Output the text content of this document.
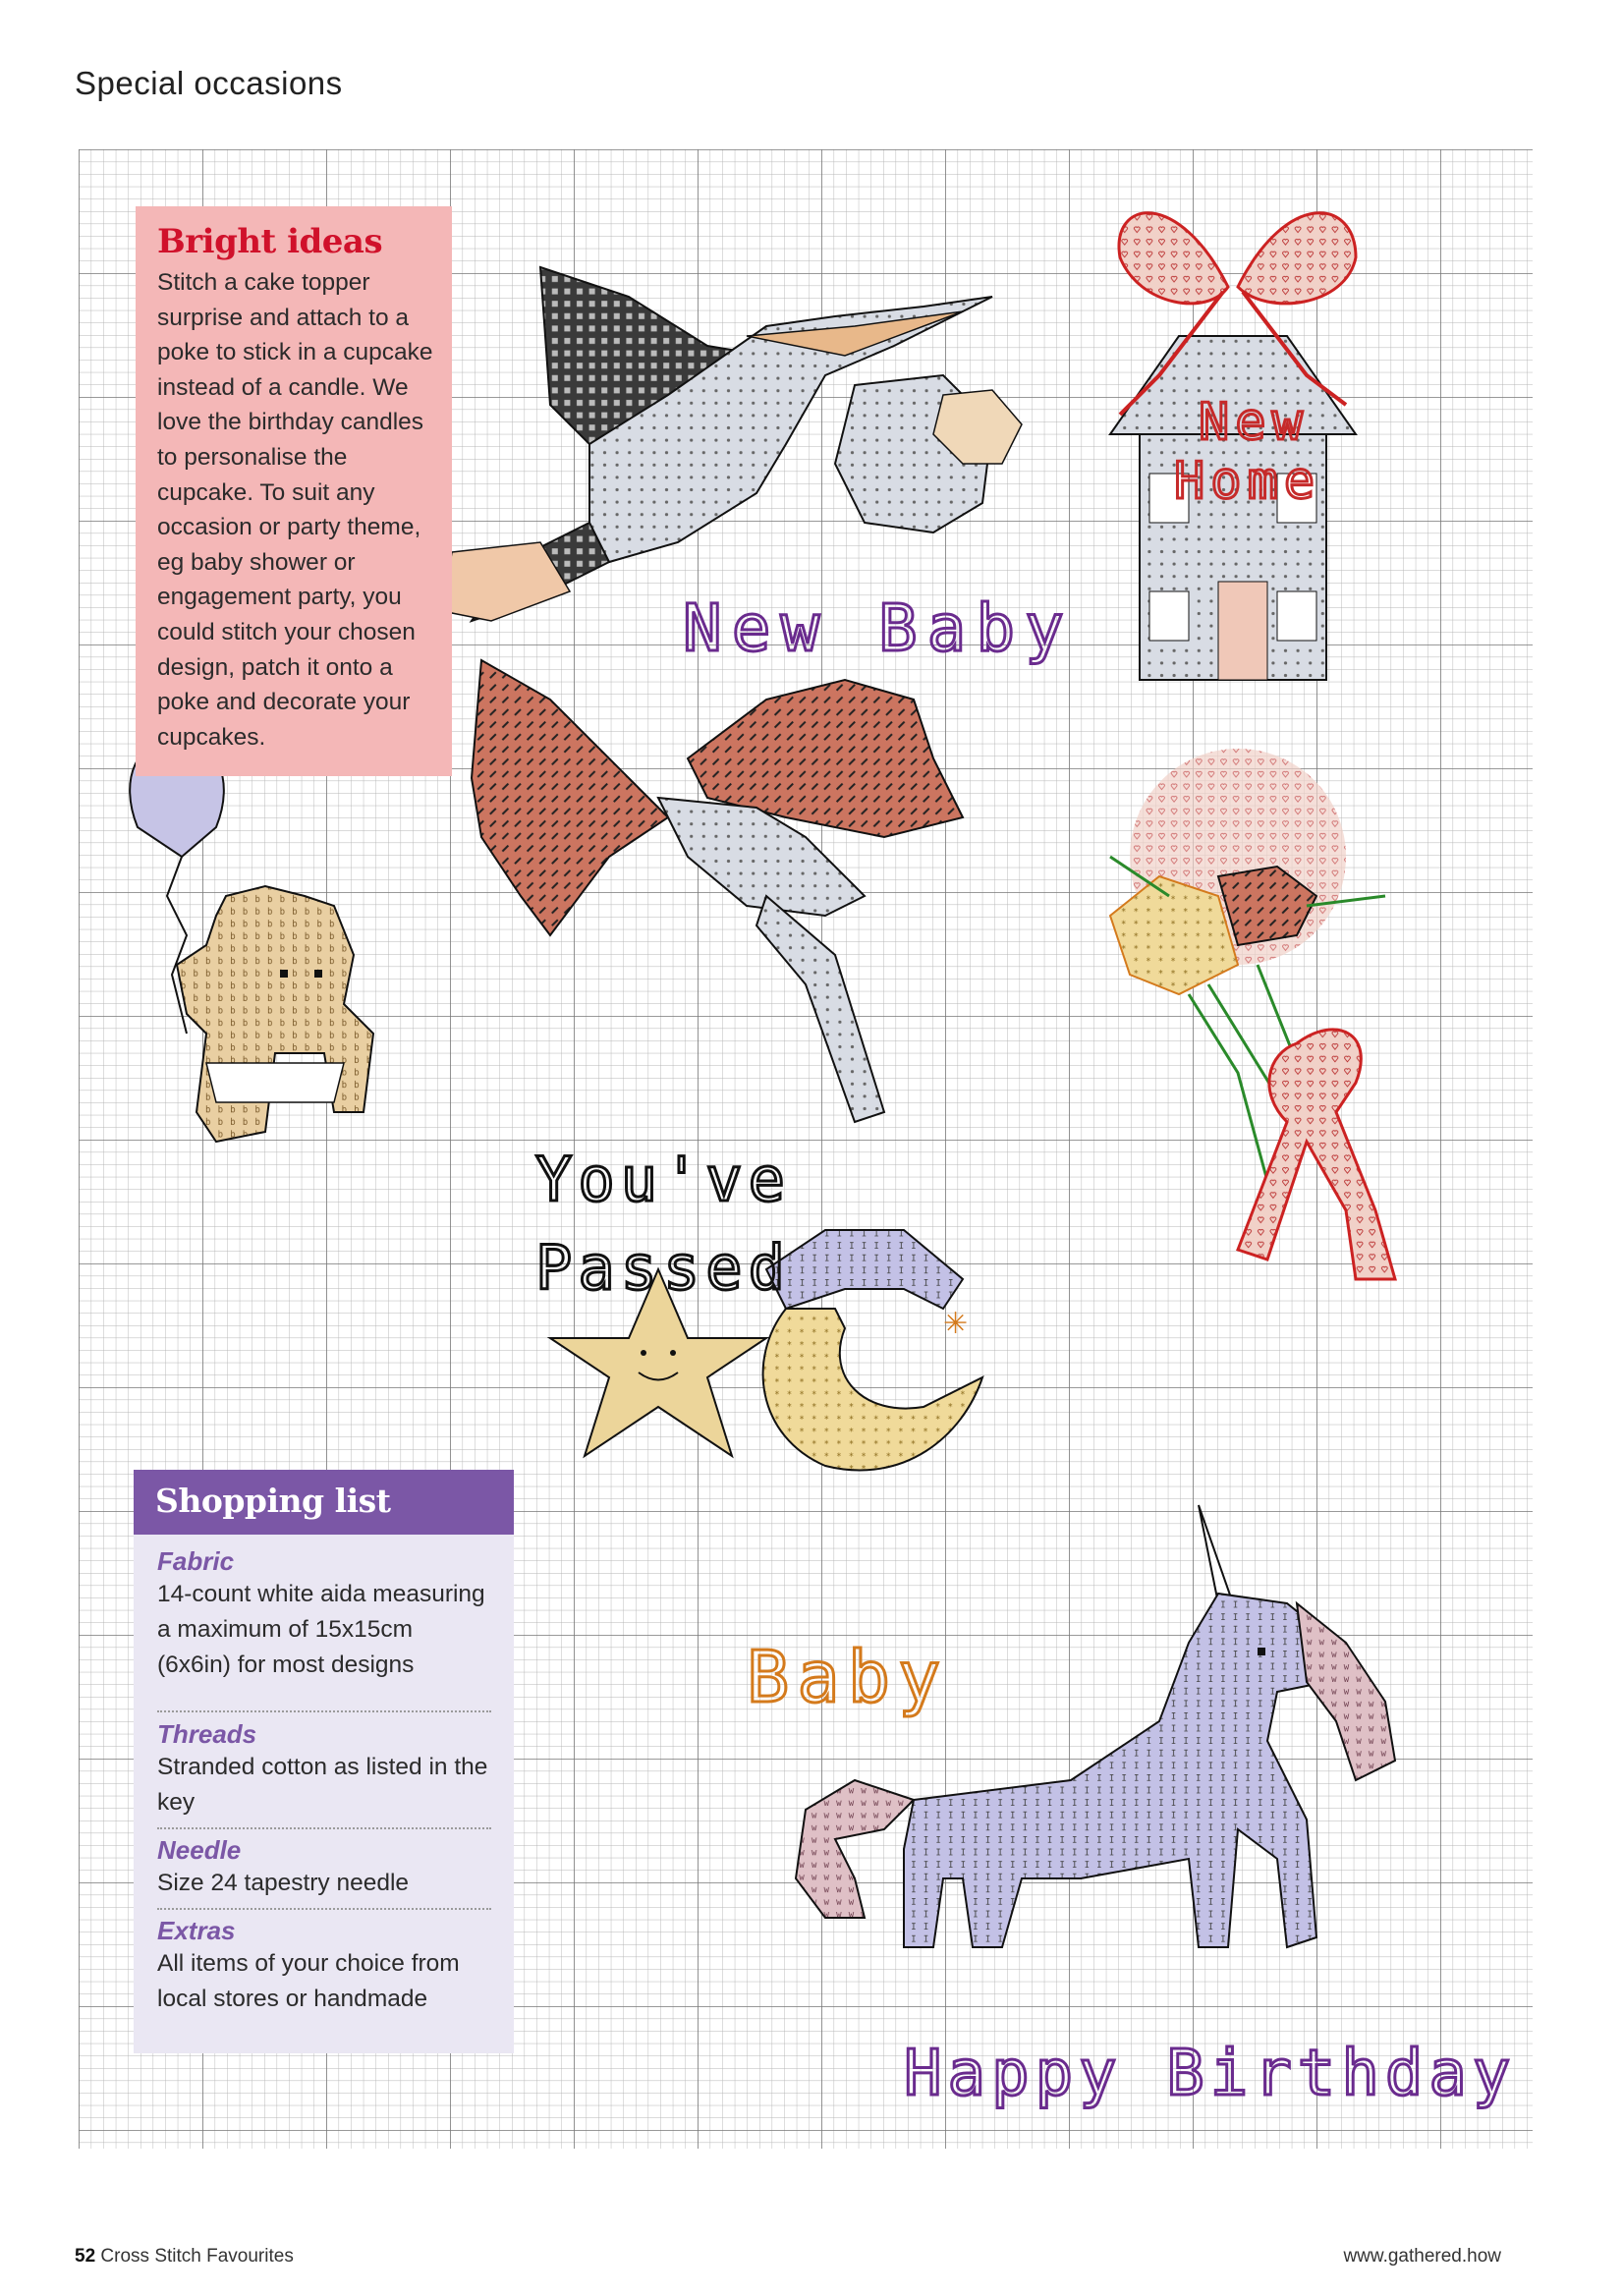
Special occasions
✳
New Baby
New
Home
You've
Passed
Baby
Happy Birthday
Bright ideas

Stitch a cake topper surprise and attach to a poke to stick in a cupcake instead of a candle. We love the birthday candles to personalise the cupcake. To suit any occasion or party theme, eg baby shower or engagement party, you could stitch your chosen design, patch it onto a poke and decorate your cupcakes.

Shopping list
Fabric
14-count white aida measuring a maximum of 15x15cm (6x6in) for most designs
Threads
Stranded cotton as listed in the key
Needle
Size 24 tapestry needle
Extras
All items of your choice from local stores or handmade
52 Cross Stitch Favourites	www.gathered.how
